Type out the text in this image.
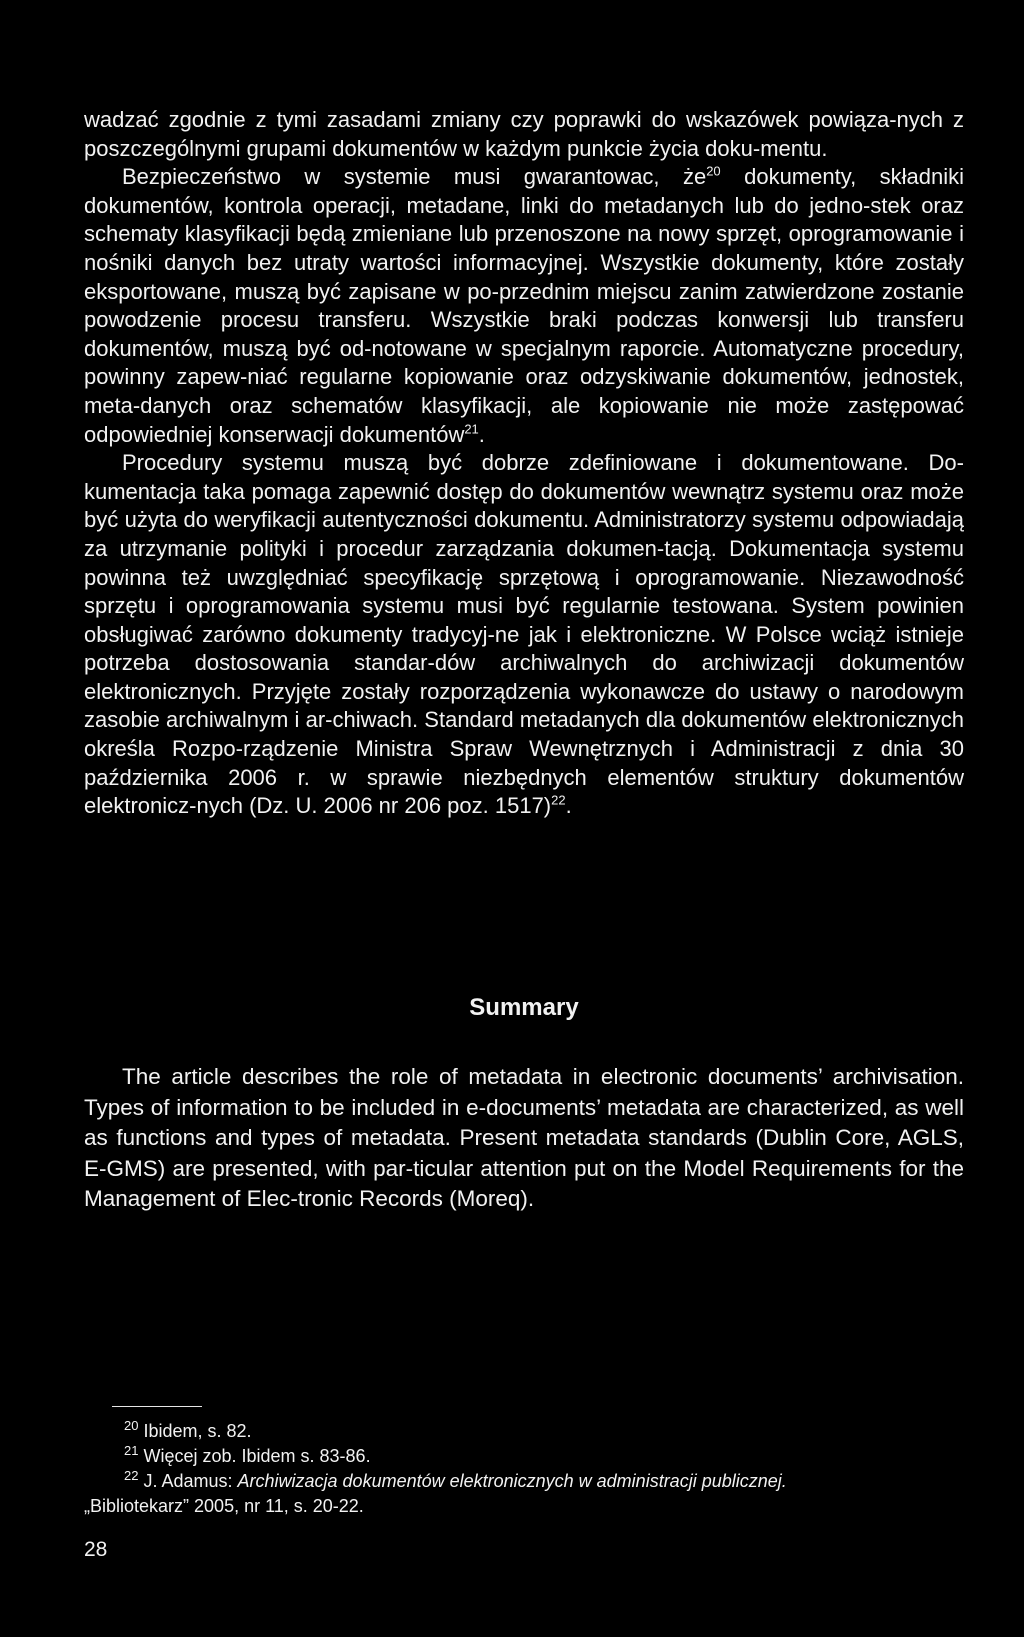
wadzać zgodnie z tymi zasadami zmiany czy poprawki do wskazówek powiąza-nych z poszczególnymi grupami dokumentów w każdym punkcie życia doku-mentu.
Bezpieczeństwo w systemie musi gwarantowac, $że^{20}$ dokumenty, składniki dokumentów, kontrola operacji, metadane, linki do metadanych lub do jedno-stek oraz schematy klasyfikacji będą zmieniane lub przenoszone na nowy sprzęt, oprogramowanie i nośniki danych bez utraty wartości informacyjnej. Wszystkie dokumenty, które zostały eksportowane, muszą być zapisane w po-przednim miejscu zanim zatwierdzone zostanie powodzenie procesu transferu. Wszystkie braki podczas konwersji lub transferu dokumentów, muszą być od-notowane w specjalnym raporcie. Automatyczne procedury, powinny zapew-niać regularne kopiowanie oraz odzyskiwanie dokumentów, jednostek, meta-danych oraz schematów klasyfikacji, ale kopiowanie nie może zastępować odpowiedniej konserwacji dokumentów$^{21}$.
Procedury systemu muszą być dobrze zdefiniowane i dokumentowane. Do-kumentacja taka pomaga zapewnić dostęp do dokumentów wewnątrz systemu oraz może być użyta do weryfikacji autentyczności dokumentu. Administratorzy systemu odpowiadają za utrzymanie polityki i procedur zarządzania dokumen-tacją. Dokumentacja systemu powinna też uwzględniać specyfikację sprzętową i oprogramowanie. Niezawodność sprzętu i oprogramowania systemu musi być regularnie testowana. System powinien obsługiwać zarówno dokumenty tradycyj-ne jak i elektroniczne. W Polsce wciąż istnieje potrzeba dostosowania standar-dów archiwalnych do archiwizacji dokumentów elektronicznych. Przyjęte zostały rozporządzenia wykonawcze do ustawy o narodowym zasobie archiwalnym i ar-chiwach. Standard metadanych dla dokumentów elektronicznych określa Rozpo-rządzenie Ministra Spraw Wewnętrznych i Administracji z dnia 30 października 2006 r. w sprawie niezbędnych elementów struktury dokumentów elektronicz-nych (Dz. U. 2006 nr 206 poz. 1517)$^{22}$.

Summary

The article describes the role of metadata in electronic documents’ archivisation. Types of information to be included in e-documents’ metadata are characterized, as well as functions and types of metadata. Present metadata standards (Dublin Core, AGLS, E-GMS) are presented, with par-ticular attention put on the Model Requirements for the Management of Elec-tronic Records (Moreq).

$^{20}$ Ibidem, s. 82.
$^{21}$ Więcej zob. Ibidem s. 83-86.
$^{22}$ J. Adamus: Archiwizacja dokumentów elektronicznych w administracji publicznej.
„Bibliotekarz” 2005, nr 11, s. 20-22.
28
